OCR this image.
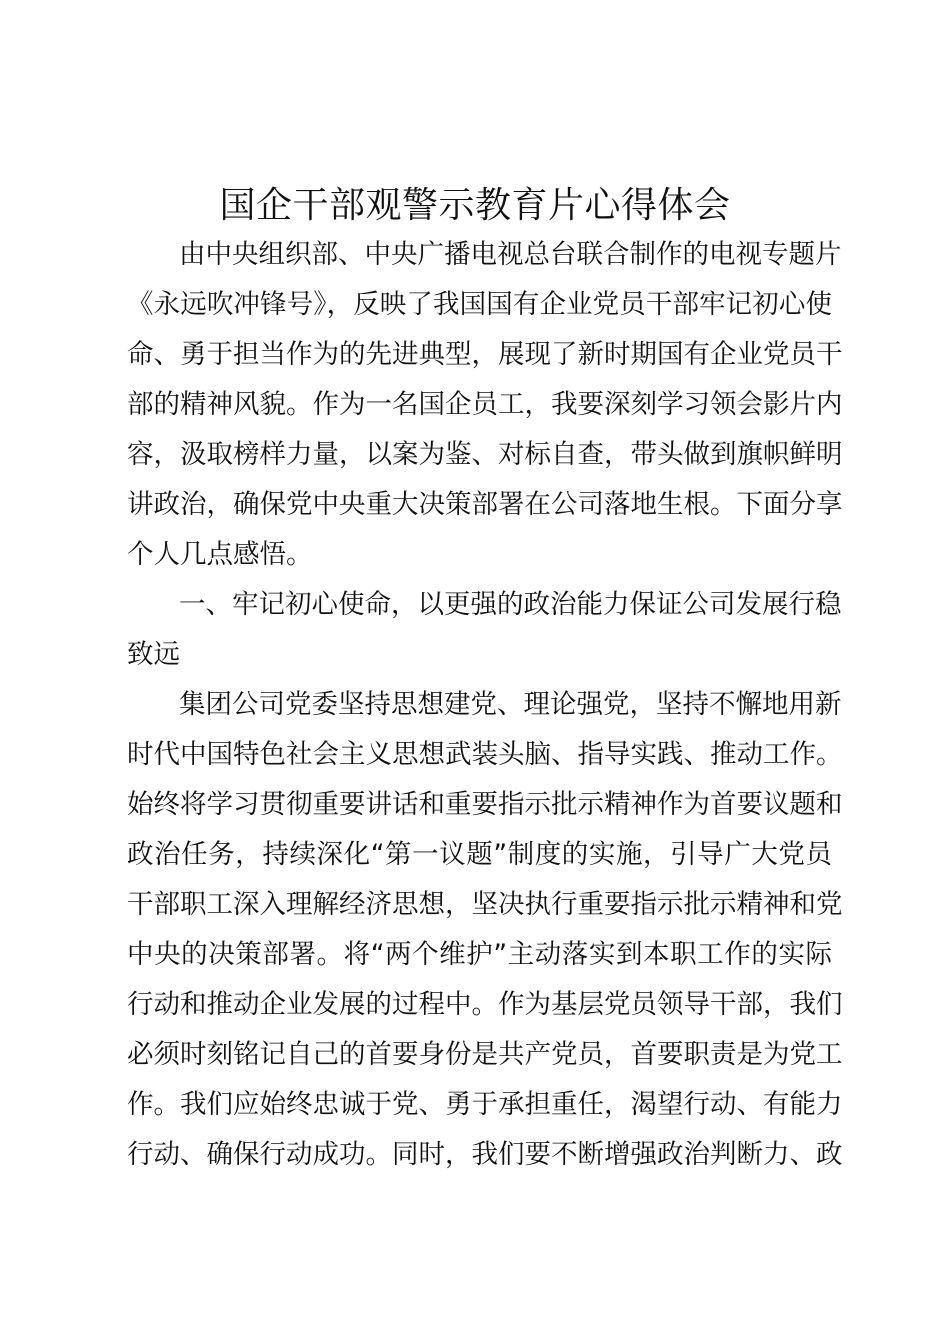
国企干部观警示教育片心得体会
由中央组织部、中央广播电视总台联合制作的电视专题片
《永远吹冲锋号》，反映了我国国有企业党员干部牢记初心使
命、勇于担当作为的先进典型，展现了新时期国有企业党员干
部的精神风貌。作为一名国企员工，我要深刻学习领会影片内
容，汲取榜样力量，以案为鉴、对标自查，带头做到旗帜鲜明
讲政治，确保党中央重大决策部署在公司落地生根。下面分享
个人几点感悟。
一、牢记初心使命，以更强的政治能力保证公司发展行稳
致远
集团公司党委坚持思想建党、理论强党，坚持不懈地用新
时代中国特色社会主义思想武装头脑、指导实践、推动工作。
始终将学习贯彻重要讲话和重要指示批示精神作为首要议题和
政治任务，持续深化“第一议题”制度的实施，引导广大党员
干部职工深入理解经济思想，坚决执行重要指示批示精神和党
中央的决策部署。将“两个维护”主动落实到本职工作的实际
行动和推动企业发展的过程中。作为基层党员领导干部，我们
必须时刻铭记自己的首要身份是共产党员，首要职责是为党工
作。我们应始终忠诚于党、勇于承担重任，渴望行动、有能力
行动、确保行动成功。同时，我们要不断增强政治判断力、政
